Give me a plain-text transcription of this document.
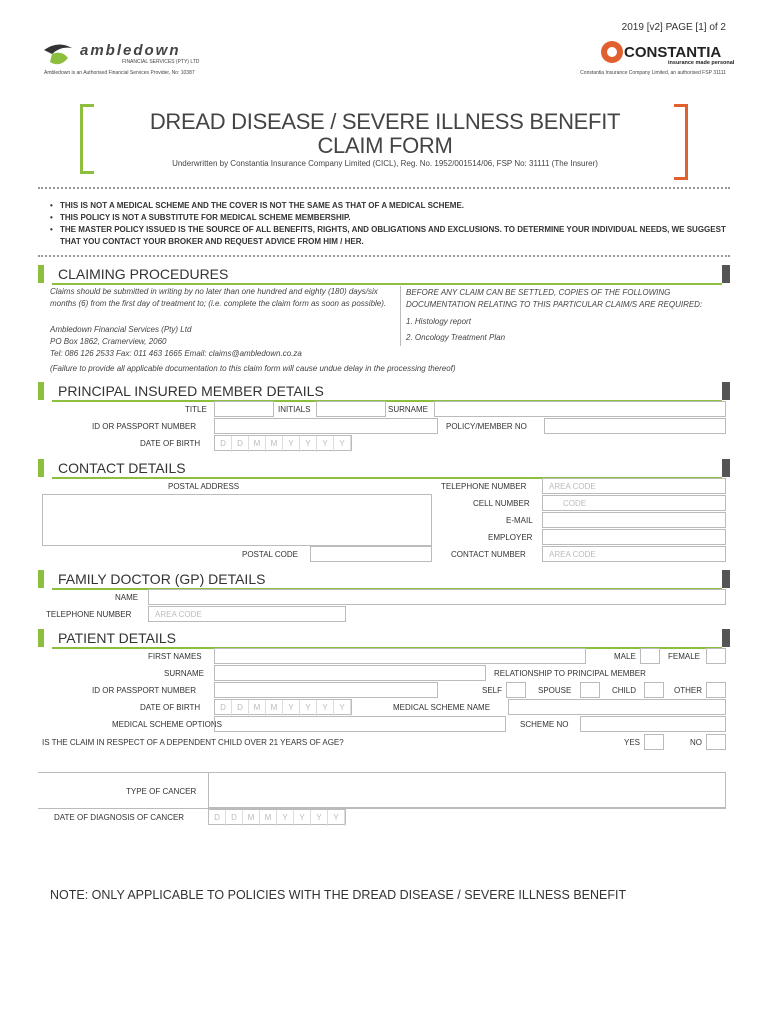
2019 [v2] PAGE [1] of 2
ambledown
FINANCIAL SERVICES (PTY) LTD
Ambledown is an Authorised Financial Services Provider, No: 10387
CONSTANTIA
insurance made personal
Constantia Insurance Company Limited, an authorised FSP 31111
DREAD DISEASE / SEVERE ILLNESS BENEFIT
CLAIM FORM
Underwritten by Constantia Insurance Company Limited (CICL), Reg. No. 1952/001514/06, FSP No: 31111 (The Insurer)
• THIS IS NOT A MEDICAL SCHEME AND THE COVER IS NOT THE SAME AS THAT OF A MEDICAL SCHEME.
• THIS POLICY IS NOT A SUBSTITUTE FOR MEDICAL SCHEME MEMBERSHIP.
• THE MASTER POLICY ISSUED IS THE SOURCE OF ALL BENEFITS, RIGHTS, AND OBLIGATIONS AND EXCLUSIONS. TO DETERMINE YOUR INDIVIDUAL NEEDS, WE SUGGEST THAT YOU CONTACT YOUR BROKER AND REQUEST ADVICE FROM HIM / HER.
CLAIMING PROCEDURES
Claims should be submitted in writing by no later than one hundred and eighty (180) days/six months (6) from the first day of treatment to; (i.e. complete the claim form as soon as possible).
Ambledown Financial Services (Pty) Ltd
PO Box 1862, Cramerview, 2060
Tel: 086 126 2533 Fax: 011 463 1665 Email: claims@ambledown.co.za
BEFORE ANY CLAIM CAN BE SETTLED, COPIES OF THE FOLLOWING DOCUMENTATION RELATING TO THIS PARTICULAR CLAIM/S ARE REQUIRED:
1. Histology report
2. Oncology Treatment Plan
(Failure to provide all applicable documentation to this claim form will cause undue delay in the processing thereof)
PRINCIPAL INSURED MEMBER DETAILS
TITLE	INITIALS	SURNAME
ID OR PASSPORT NUMBER	POLICY/MEMBER NO
DATE OF BIRTH	D	D	M	M	Y	Y	Y	Y
CONTACT DETAILS
POSTAL ADDRESS
POSTAL CODE
TELEPHONE NUMBER	AREA CODE
CELL NUMBER	CODE
E-MAIL
EMPLOYER
CONTACT NUMBER	AREA CODE
FAMILY DOCTOR (GP) DETAILS
NAME
TELEPHONE NUMBER	AREA CODE
PATIENT DETAILS
FIRST NAMES	MALE	FEMALE
SURNAME	RELATIONSHIP TO PRINCIPAL MEMBER
ID OR PASSPORT NUMBER	SELF	SPOUSE	CHILD	OTHER
DATE OF BIRTH	D	D	M	M	Y	Y	Y	Y	MEDICAL SCHEME NAME
MEDICAL SCHEME OPTIONS	SCHEME NO
IS THE CLAIM IN RESPECT OF A DEPENDENT CHILD OVER 21 YEARS OF AGE?	YES	NO
TYPE OF CANCER
DATE OF DIAGNOSIS OF CANCER	D	D	M	M	Y	Y	Y	Y
NOTE: ONLY APPLICABLE TO POLICIES WITH THE DREAD DISEASE / SEVERE ILLNESS BENEFIT
